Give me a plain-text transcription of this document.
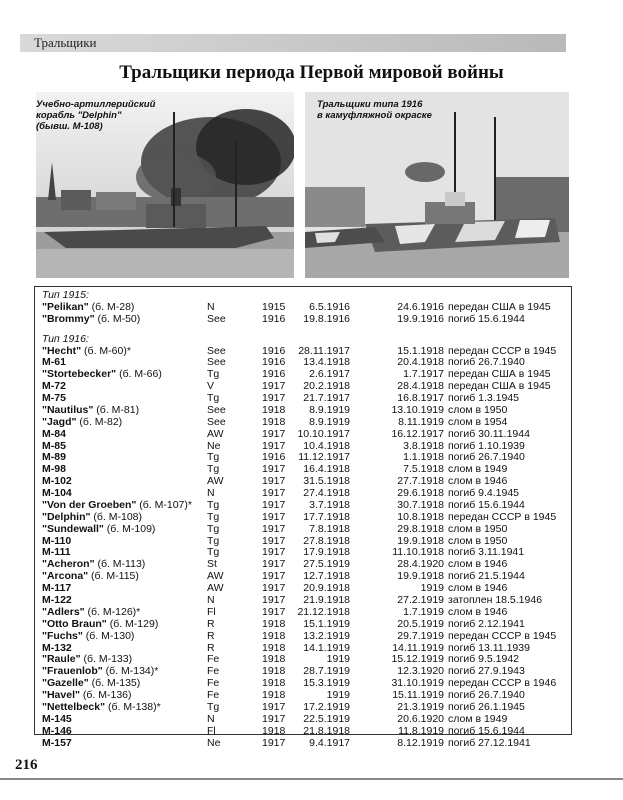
Тральщики
Тральщики периода Первой мировой войны
Учебно-артиллерийский
корабль "Delphin"
(бывш. М-108)
Тральщики типа 1916
в камуфляжной окраске
Тип 1915:
"Pelikan" (б. М-28)	N	1915	6.5.1916	24.6.1916 передан США в 1945
"Brommy" (б. М-50)	See	1916	19.8.1916	19.9.1916 погиб 15.6.1944
Тип 1916:
"Hecht" (б. М-60)*	See	1916	28.11.1917	15.1.1918 передан СССР в 1945
М-61	See	1916	13.4.1918	20.4.1918 погиб 26.7.1940
"Stortebecker" (б. М-66)	Tg	1916	2.6.1917	1.7.1917 передан США в 1945
М-72	V	1917	20.2.1918	28.4.1918 передан США в 1945
М-75	Tg	1917	21.7.1917	16.8.1917 погиб 1.3.1945
"Nautilus" (б. М-81)	See	1918	8.9.1919	13.10.1919 слом в 1950
"Jagd" (б. М-82)	See	1918	8.9.1919	8.11.1919 слом в 1954
М-84	AW	1917	10.10.1917	16.12.1917 погиб 30.11.1944
М-85	Ne	1917	10.4.1918	3.8.1918 погиб 1.10.1939
М-89	Tg	1916	11.12.1917	1.1.1918 погиб 26.7.1940
М-98	Tg	1917	16.4.1918	7.5.1918 слом в 1949
М-102	AW	1917	31.5.1918	27.7.1918 слом в 1946
М-104	N	1917	27.4.1918	29.6.1918 погиб 9.4.1945
"Von der Groeben" (б. М-107)* Tg	1917	3.7.1918	30.7.1918 погиб 15.6.1944
"Delphin" (б. М-108)	Tg	1917	17.7.1918	10.8.1918 передан СССР в 1945
"Sundewall" (б. М-109)	Tg	1917	7.8.1918	29.8.1918 слом в 1950
М-110	Tg	1917	27.8.1918	19.9.1918 слом в 1950
М-111	Tg	1917	17.9.1918	11.10.1918 погиб 3.11.1941
"Acheron" (б. М-113)	St	1917	27.5.1919	28.4.1920 слом в 1946
"Arcona" (б. М-115)	AW	1917	12.7.1918	19.9.1918 погиб 21.5.1944
М-117	AW	1917	20.9.1918	1919 слом в 1946
М-122	N	1917	21.9.1918	27.2.1919 затоплен 18.5.1946
"Adlers" (б. М-126)*	Fl	1917	21.12.1918	1.7.1919 слом в 1946
"Otto Braun" (б. М-129)	R	1918	15.1.1919	20.5.1919 погиб 2.12.1941
"Fuchs" (б. М-130)	R	1918	13.2.1919	29.7.1919 передан СССР в 1945
М-132	R	1918	14.1.1919	14.11.1919 погиб 13.11.1939
"Raule" (б. М-133)	Fe	1918	1919	15.12.1919 погиб 9.5.1942
"Frauenlob" (б. М-134)*	Fe	1918	28.7.1919	12.3.1920 погиб 27.9.1943
"Gazelle" (б. М-135)	Fe	1918	15.3.1919	31.10.1919 передан СССР в 1946
"Havel" (б. М-136)	Fe	1918	1919	15.11.1919 погиб 26.7.1940
"Nettelbeck" (б. М-138)*	Tg	1917	17.2.1919	21.3.1919 погиб 26.1.1945
М-145	N	1917	22.5.1919	20.6.1920 слом в 1949
М-146	Fl	1918	21.8.1918	11.8.1919 погиб 15.6.1944
М-157	Ne	1917	9.4.1917	8.12.1919 погиб 27.12.1941
216
